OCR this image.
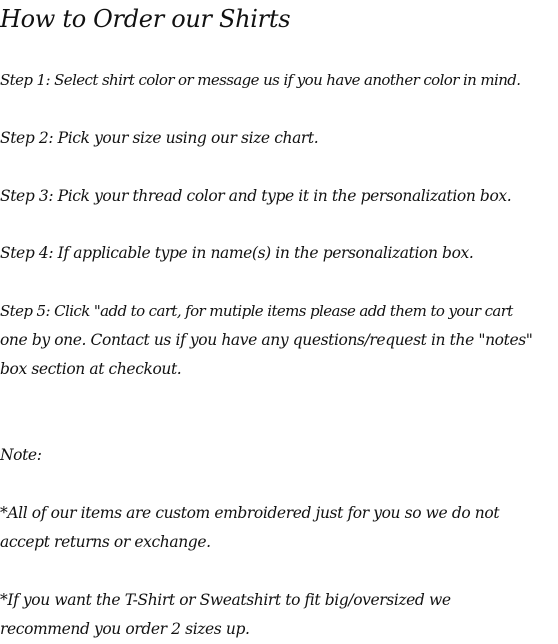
How to Order our Shirts
Step 1: Select shirt color or message us if you have another color in mind.
Step 2: Pick your size using our size chart.
Step 3: Pick your thread color and type it in the personalization box.
Step 4: If applicable type in name(s) in the personalization box.
Step 5: Click "add to cart, for mutiple items please add them to your cart
one by one. Contact us if you have any questions/request in the "notes"
box section at checkout.
Note:
*All of our items are custom embroidered just for you so we do not
accept returns or exchange.
*If you want the T-Shirt or Sweatshirt to fit big/oversized we
recommend you order 2 sizes up.
